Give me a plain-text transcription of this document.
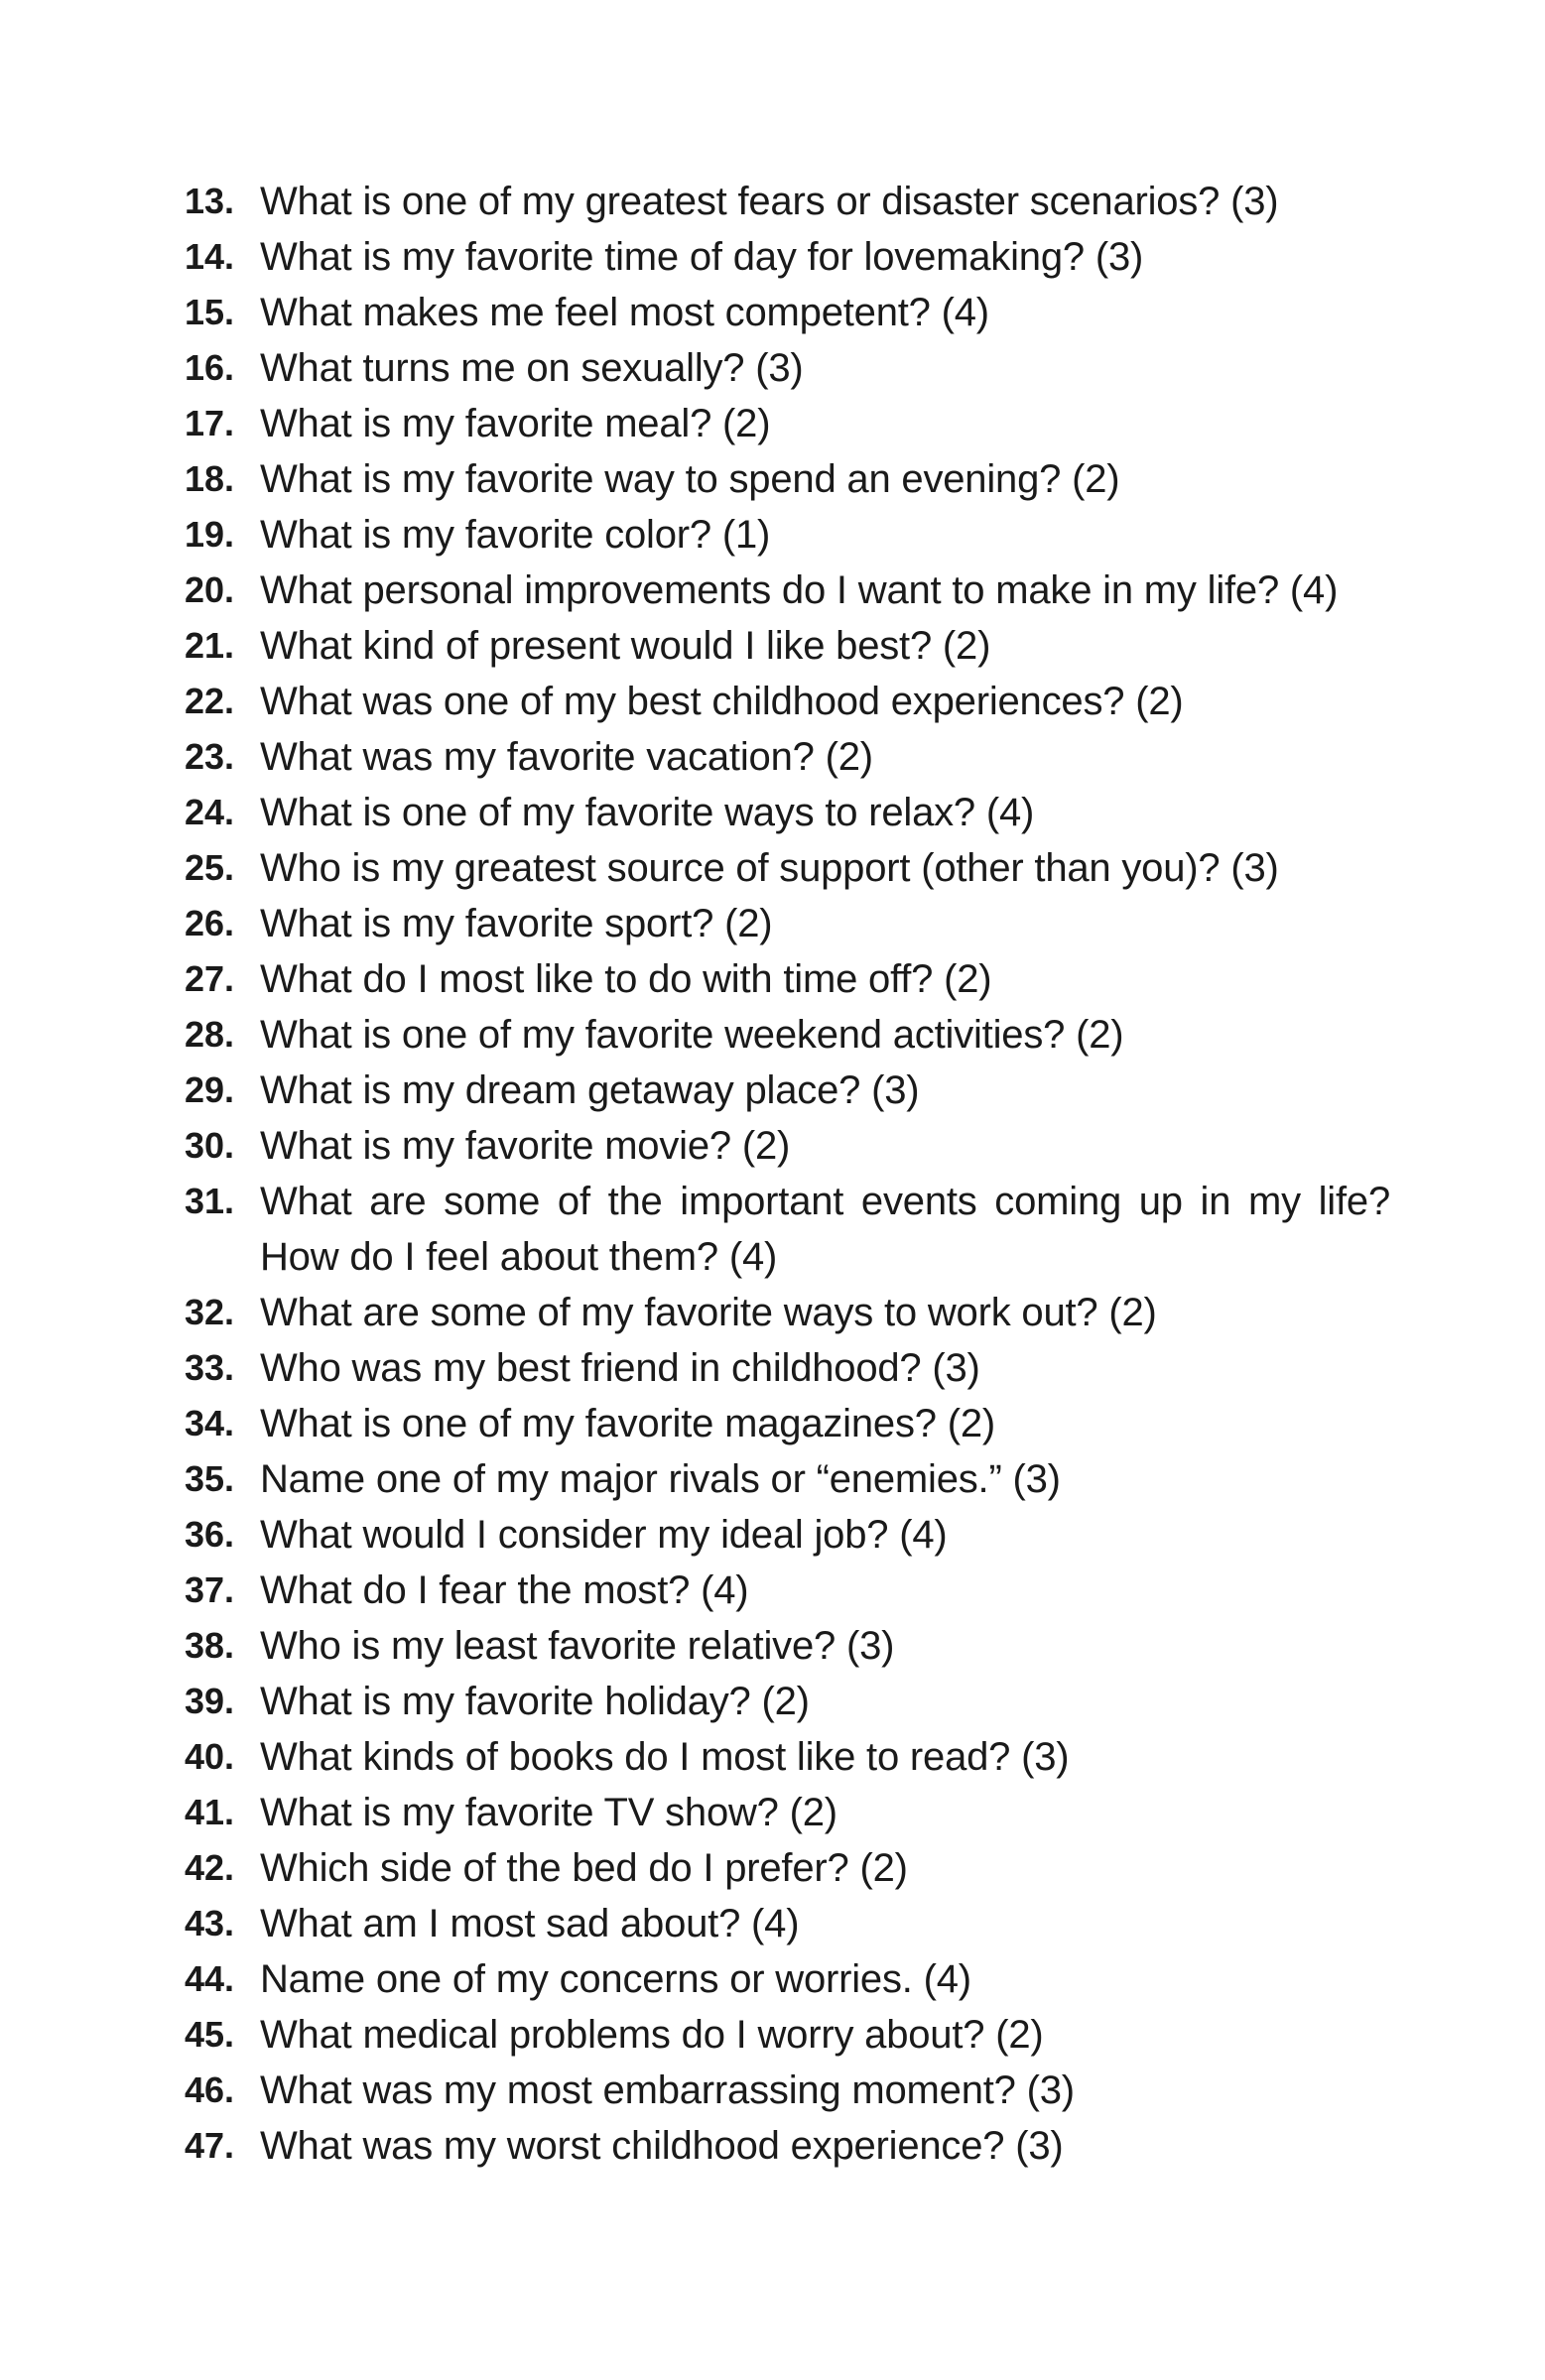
13. What is one of my greatest fears or disaster scenarios? (3)
14. What is my favorite time of day for lovemaking? (3)
15. What makes me feel most competent? (4)
16. What turns me on sexually? (3)
17. What is my favorite meal? (2)
18. What is my favorite way to spend an evening? (2)
19. What is my favorite color? (1)
20. What personal improvements do I want to make in my life? (4)
21. What kind of present would I like best? (2)
22. What was one of my best childhood experiences? (2)
23. What was my favorite vacation? (2)
24. What is one of my favorite ways to relax? (4)
25. Who is my greatest source of support (other than you)? (3)
26. What is my favorite sport? (2)
27. What do I most like to do with time off? (2)
28. What is one of my favorite weekend activities? (2)
29. What is my dream getaway place? (3)
30. What is my favorite movie? (2)
31. What are some of the important events coming up in my life? How do I feel about them? (4)
32. What are some of my favorite ways to work out? (2)
33. Who was my best friend in childhood? (3)
34. What is one of my favorite magazines? (2)
35. Name one of my major rivals or “enemies.” (3)
36. What would I consider my ideal job? (4)
37. What do I fear the most? (4)
38. Who is my least favorite relative? (3)
39. What is my favorite holiday? (2)
40. What kinds of books do I most like to read? (3)
41. What is my favorite TV show? (2)
42. Which side of the bed do I prefer? (2)
43. What am I most sad about? (4)
44. Name one of my concerns or worries. (4)
45. What medical problems do I worry about? (2)
46. What was my most embarrassing moment? (3)
47. What was my worst childhood experience? (3)
